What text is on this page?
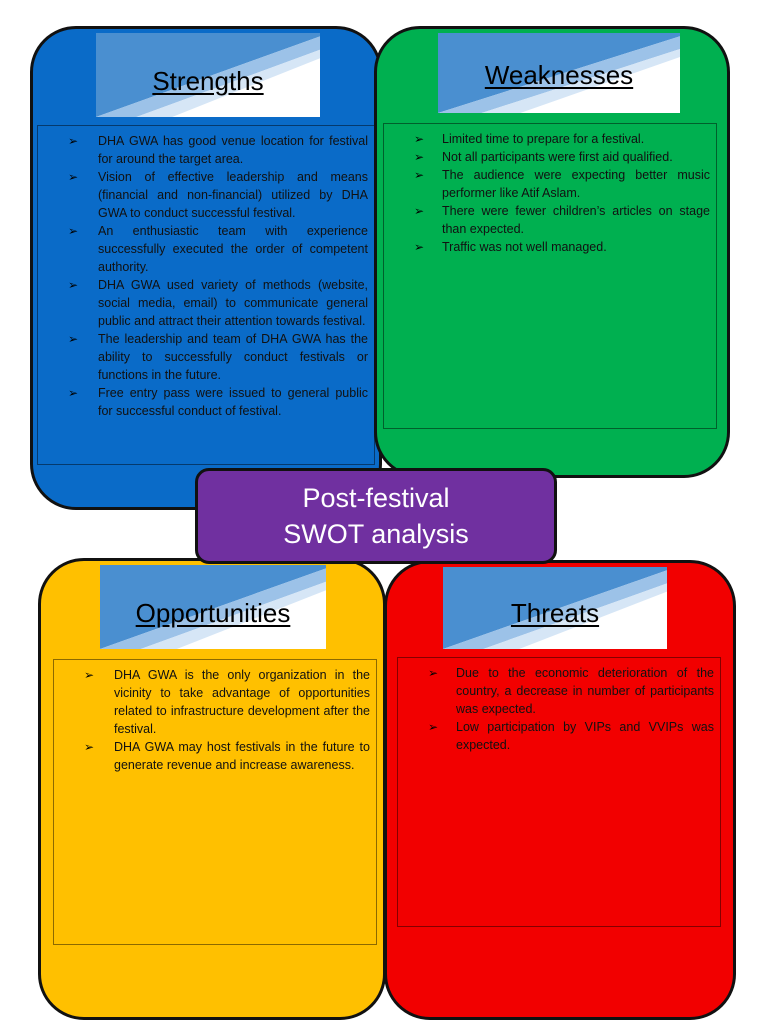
Strengths
➢ DHA GWA has good venue location for festival for around the target area.
➢ Vision of effective leadership and means (financial and non-financial) utilized by DHA GWA to conduct successful festival.
➢ An enthusiastic team with experience successfully executed the order of competent authority.
➢ DHA GWA used variety of methods (website, social media, email) to communicate general public and attract their attention towards festival.
➢ The leadership and team of DHA GWA has the ability to successfully conduct festivals or functions in the future.
➢ Free entry pass were issued to general public for successful conduct of festival.
Weaknesses
➢ Limited time to prepare for a festival.
➢ Not all participants were first aid qualified.
➢ The audience were expecting better music performer like Atif Aslam.
➢ There were fewer children’s articles on stage than expected.
➢ Traffic was not well managed.
Opportunities
➢ DHA GWA is the only organization in the vicinity to take advantage of opportunities related to infrastructure development after the festival.
➢ DHA GWA may host festivals in the future to generate revenue and increase awareness.
Threats
➢ Due to the economic deterioration of the country, a decrease in number of participants was expected.
➢ Low participation by VIPs and VVIPs was expected.
Post-festival
SWOT analysis
